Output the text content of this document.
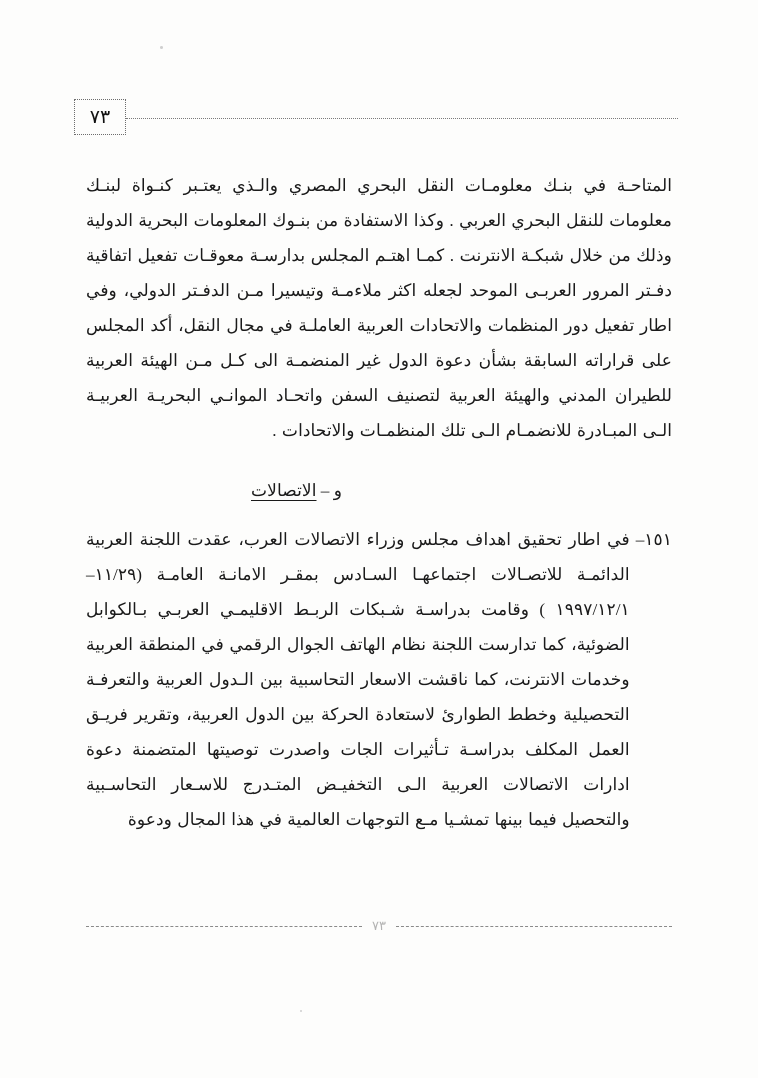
٧٣

المتاحـة في بنـك معلومـات النقل البحري المصري والـذي يعتـبر كنـواة لبنـك معلومات للنقل البحري العربي . وكذا الاستفادة من بنـوك المعلومات البحرية الدولية وذلك من خلال شبكـة الانترنت . كمـا اهتـم المجلس بدارسـة معوقـات تفعيل اتفاقية دفـتر المرور العربـى الموحد لجعله اكثر ملاءمـة وتيسيرا مـن الدفـتر الدولي، وفي اطار تفعيل دور المنظمات والاتحادات العربية العاملـة في مجال النقل، أكد المجلس على قراراته السابقة بشأن دعوة الدول غير المنضمـة الى كـل مـن الهيئة العربية للطيران المدني والهيئة العربية لتصنيف السفن واتحـاد الموانـي البحريـة العربيـة الـى المبـادرة للانضمـام الـى تلك المنظمـات والاتحادات .

و – الاتصالات
١٥١–
في اطار تحقيق اهداف مجلس وزراء الاتصالات العرب، عقدت اللجنة العربية الدائمـة للاتصـالات اجتماعهـا السـادس بمقـر الامانـة العامـة (١١/٢٩– ١٩٩٧/١٢/١ ) وقامت بدراسـة شـبكات الربـط الاقليمـي العربـي بـالكوابل الضوئية، كما تدارست اللجنة نظام الهاتف الجوال الرقمي في المنطقة العربية وخدمات الانترنت، كما ناقشت الاسعار التحاسبية بين الـدول العربية والتعرفـة التحصيلية وخطط الطوارئ لاستعادة الحركة بين الدول العربية، وتقرير فريـق العمل المكلف بدراسـة تـأثيرات الجات واصدرت توصيتها المتضمنة دعوة ادارات الاتصالات العربية الـى التخفيـض المتـدرج للاسـعار التحاسـبية والتحصيل فيما بينها تمشـيا مـع التوجهات العالمية في هذا المجال ودعوة
٧٣
